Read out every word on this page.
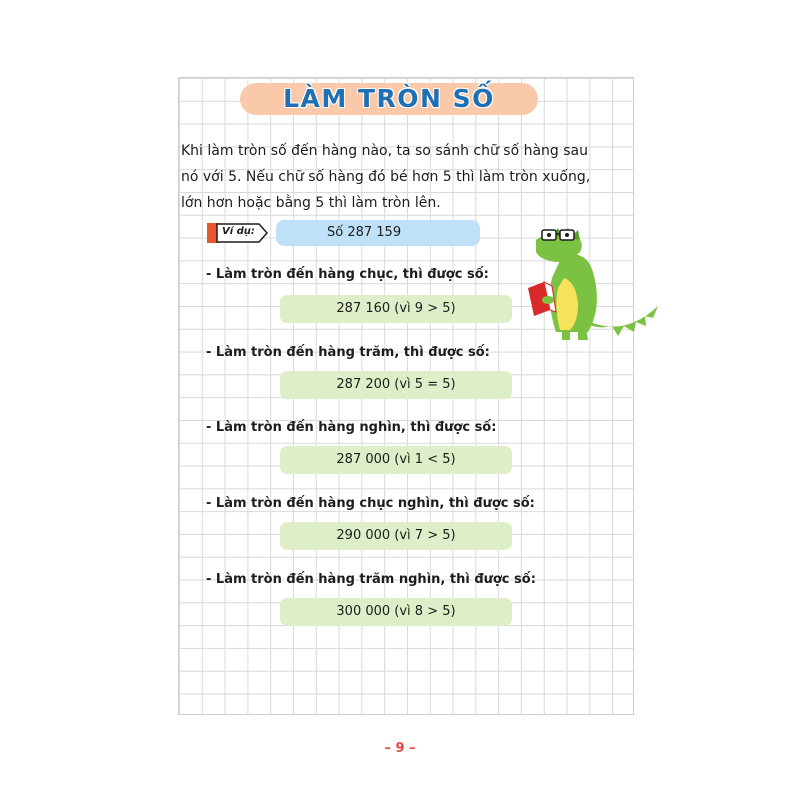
LÀM TRÒN SỐ

Khi làm tròn số đến hàng nào, ta so sánh chữ số hàng sau
nó với 5. Nếu chữ số hàng đó bé hơn 5 thì làm tròn xuống,
lớn hơn hoặc bằng 5 thì làm tròn lên.

Ví dụ:	Số 287 159
- Làm tròn đến hàng chục, thì được số:
287 160 (vì 9 > 5)
- Làm tròn đến hàng trăm, thì được số:
287 200 (vì 5 = 5)
- Làm tròn đến hàng nghìn, thì được số:
287 000 (vì 1 < 5)
- Làm tròn đến hàng chục nghìn, thì được số:
290 000 (vì 7 > 5)
- Làm tròn đến hàng trăm nghìn, thì được số:
300 000 (vì 8 > 5)
– 9 –
